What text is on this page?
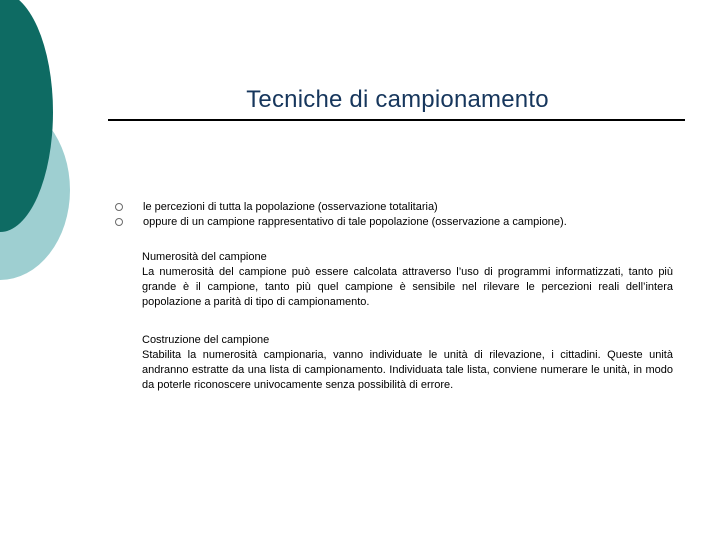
Tecniche di campionamento
le percezioni di tutta la popolazione (osservazione totalitaria)
oppure di un campione rappresentativo di tale popolazione (osservazione a campione).
Numerosità del campione
La numerosità del campione può essere calcolata attraverso l’uso di programmi informatizzati, tanto più grande è il campione, tanto più quel campione è sensibile nel rilevare le percezioni reali dell’intera popolazione a parità di tipo di campionamento.
Costruzione del campione
Stabilita la numerosità campionaria, vanno individuate le unità di rilevazione, i cittadini. Queste unità andranno estratte da una lista di campionamento. Individuata tale lista, conviene numerare le unità, in modo da poterle riconoscere univocamente senza possibilità di errore.
